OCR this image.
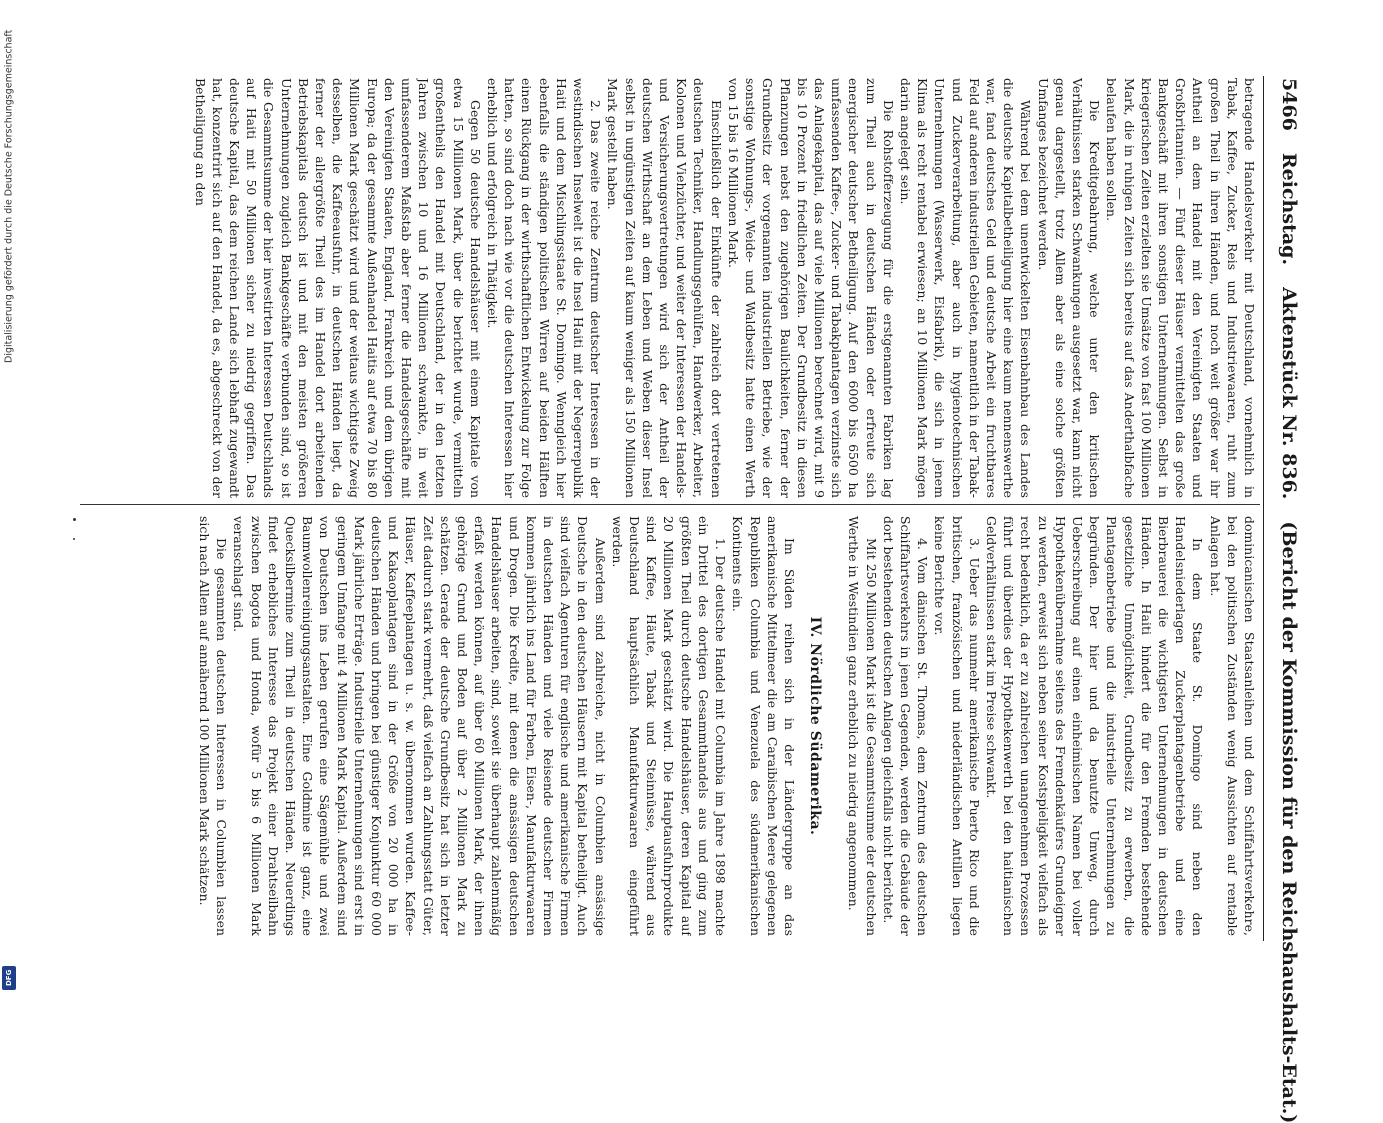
Digitalisierung gefördert durch die Deutsche Forschungsgemeinschaft
DFG
5466
Reichstag.
Aktenstück Nr. 836.
(Bericht der Kommission für den Reichshaushalts-Etat.)

betragende Handelsverkehr mit Deutschland, vornehmlich in Tabak, Kaffee, Zucker, Reis und Industriewaaren, ruht zum großen Theil in ihren Händen, und noch weit größer war ihr Antheil an dem Handel mit den Vereinigten Staaten und Großbritannien. — Fünf dieser Häuser vermittelten das große Bankgeschäft mit ihren sonstigen Unternehmungen. Selbst in kriegerischen Zeiten erzielten sie Umsätze von fast 100 Millionen Mark, die in ruhigen Zeiten sich bereits auf das Anderthalbfache belaufen haben sollen.

Die Kreditgebahrung, welche unter den kritischen Verhältnissen starken Schwankungen ausgesetzt war, kann nicht genau dargestellt, trotz Allem aber als eine solche größten Umfanges bezeichnet werden.

Während bei dem unentwickelten Eisenbahnbau des Landes die deutsche Kapitalbetheiligung hier eine kaum nennenswerthe war, fand deutsches Geld und deutsche Arbeit ein fruchtbares Feld auf anderen industriellen Gebieten, namentlich in der Tabak- und Zuckerverarbeitung, aber auch in hygienotechnischen Unternehmungen (Wasserwerk, Eisfabrik), die sich in jenem Klima als recht rentabel erwiesen; an 10 Millionen Mark mögen darin angelegt sein.

Die Rohstofferzeugung für die erstgenannten Fabriken lag zum Theil auch in deutschen Händen oder erfreute sich energischer deutscher Betheiligung. Auf den 6000 bis 6500 ha umfassenden Kaffee-, Zucker- und Tabakplantagen verzinste sich das Anlagekapital, das auf viele Millionen berechnet wird, mit 9 bis 10 Prozent in friedlichen Zeiten. Der Grundbesitz in diesen Pflanzungen nebst den zugehörigen Baulichkeiten, ferner der Grundbesitz der vorgenannten industriellen Betriebe, wie der sonstige Wohnungs-, Weide- und Waldbesitz hatte einen Werth von 15 bis 16 Millionen Mark.

Einschließlich der Einkünfte der zahlreich dort vertretenen deutschen Techniker, Handlungsgehülfen, Handwerker, Arbeiter, Kolonen und Viehzüchter, und weiter der Interessen der Handels- und Versicherungsvertretungen wird sich der Antheil der deutschen Wirthschaft an dem Leben und Weben dieser Insel selbst in ungünstigen Zeiten auf kaum weniger als 150 Millionen Mark gestellt haben.

2. Das zweite reiche Zentrum deutscher Interessen in der westindischen Inselwelt ist die Insel Haiti mit der Negerrepublik Haiti und dem Mischlingsstaate St. Domingo. Wenngleich hier ebenfalls die ständigen politischen Wirren auf beiden Hälften einen Rückgang in der wirthschaftlichen Entwickelung zur Folge hatten, so sind doch nach wie vor die deutschen Interessen hier erheblich und erfolgreich in Thätigkeit.

Gegen 50 deutsche Handelshäuser mit einem Kapitale von etwa 15 Millionen Mark, über die berichtet wurde, vermitteln großentheils den Handel mit Deutschland, der in den letzten Jahren zwischen 10 und 16 Millionen schwankte, in weit umfassenderem Maßstab aber ferner die Handelsgeschäfte mit den Vereinigten Staaten, England, Frankreich und dem übrigen Europa; da der gesammte Außenhandel Haitis auf etwa 70 bis 80 Millionen Mark geschätzt wird und der weitaus wichtigste Zweig desselben, die Kaffeeausfuhr, in deutschen Händen liegt, da ferner der allergrößte Theil des im Handel dort arbeitenden Betriebskapitals deutsch ist und mit den meisten größeren Unternehmungen zugleich Bankgeschäfte verbunden sind, so ist die Gesammtsumme der hier investirten Interessen Deutschlands auf Haiti mit 50 Millionen sicher zu niedrig gegriffen. Das deutsche Kapital, das dem reichen Lande sich lebhaft zugewandt hat, konzentrirt sich auf den Handel, da es, abgeschreckt von der Betheiligung an den

dominicanischen Staatsanleihen und dem Schiffahrtsverkehre, bei den politischen Zuständen wenig Aussichten auf rentable Anlagen hat.

In dem Staate St. Domingo sind neben den Handelsniederlagen Zuckerplantagenbetriebe und eine Bierbrauerei die wichtigsten Unternehmungen in deutschen Händen. In Haiti hindert die für den Fremden bestehende gesetzliche Unmöglichkeit, Grundbesitz zu erwerben, die Plantagenbetriebe und die industrielle Unternehmungen zu begründen. Der hier und da benutzte Umweg, durch Ueberschreibung auf einen einheimischen Namen bei voller Hypothekenübernahme seitens des Fremdenkäufers Grundeigner zu werden, erweist sich neben seiner Kostspieligkeit vielfach als recht bedenklich, da er zu zahlreichen unangenehmen Prozessen führt und überdies der Hypothekenwerth bei den haitianischen Geldverhältnissen stark im Preise schwankt.

3. Ueber das nunmehr amerikanische Puerto Rico und die britischen, französischen und niederländischen Antillen liegen keine Berichte vor.

4. Vom dänischen St. Thomas, dem Zentrum des deutschen Schiffahrtsverkehrs in jenen Gegenden, werden die Gebäude der dort bestehenden deutschen Anlagen gleichfalls nicht berichtet.

Mit 250 Millionen Mark ist die Gesammtsumme der deutschen Werthe in Westindien ganz erheblich zu niedrig angenommen.

IV. Nördliche Südamerika.

Im Süden reihen sich in der Ländergruppe an das amerikanische Mittelmeer die am Caraibischen Meere gelegenen Republiken Columbia und Venezuela des südamerikanischen Kontinents ein.

1. Der deutsche Handel mit Columbia im Jahre 1898 machte ein Drittel des dortigen Gesammthandels aus und ging zum größten Theil durch deutsche Handelshäuser, deren Kapital auf 20 Millionen Mark geschätzt wird. Die Hauptausfuhrprodukte sind Kaffee, Häute, Tabak und Steinnüsse, während aus Deutschland hauptsächlich Manufakturwaaren eingeführt werden.

Außerdem sind zahlreiche, nicht in Columbien ansässige Deutsche in den deutschen Häusern mit Kapital betheiligt. Auch sind vielfach Agenturen für englische und amerikanische Firmen in deutschen Händen und viele Reisende deutscher Firmen kommen jährlich ins Land für Farben, Eisen-, Manufakturwaaren und Drogen. Die Kredite, mit denen die ansässigen deutschen Handelshäuser arbeiten, sind, soweit sie überhaupt zahlenmäßig erfaßt werden können, auf über 60 Millionen Mark, der ihnen gehörige Grund und Boden auf über 2 Millionen Mark zu schätzen. Gerade der deutsche Grundbesitz hat sich in letzter Zeit dadurch stark vermehrt, daß vielfach an Zahlungsstatt Güter, Häuser, Kaffeeplantagen u. s. w. übernommen wurden. Kaffee- und Kakaoplantagen sind in der Größe von 20 000 ha in deutschen Händen und bringen bei günstiger Konjunktur 60 000 Mark jährliche Erträge. Industrielle Unternehmungen sind erst in geringem Umfange mit 4 Millionen Mark Kapital. Außerdem sind von Deutschen ins Leben gerufen eine Sägemühle und zwei Baumwollenreinigungsanstalten. Eine Goldmine ist ganz, eine Quecksilbermine zum Theil in deutschen Händen. Neuerdings findet erhebliches Interesse das Projekt einer Drahtseilbahn zwischen Bogota und Honda, wofür 5 bis 6 Millionen Mark veranschlagt sind.

Die gesammten deutschen Interessen in Columbien lassen sich nach Allem auf annähernd 100 Millionen Mark schätzen.
